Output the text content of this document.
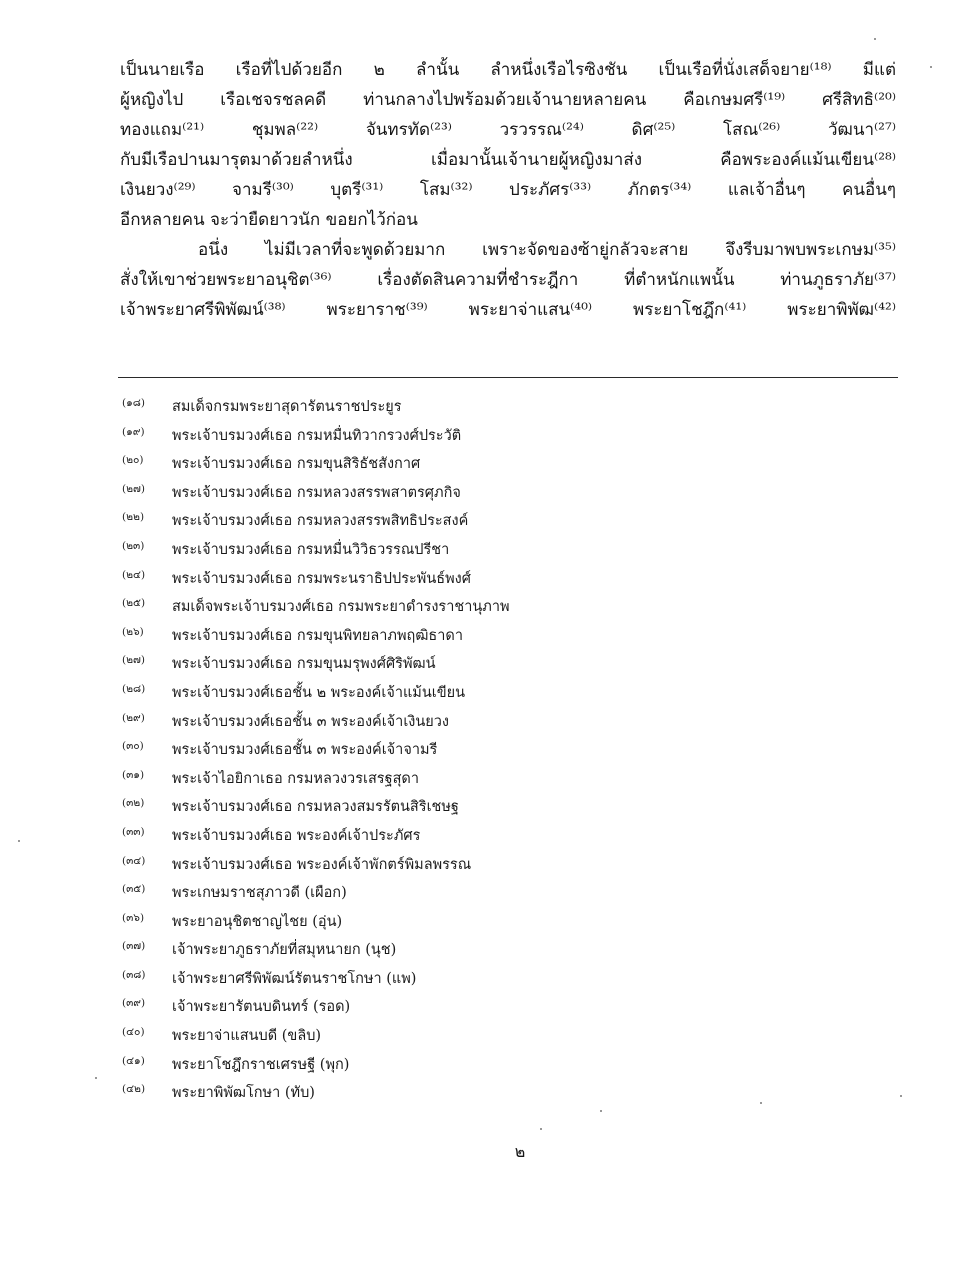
เป็นนายเรือ เรือที่ไปด้วยอีก ๒ ลำนั้น ลำหนึ่งเรือไรซิงชัน เป็นเรือที่นั่งเสด็จยาย⁽¹⁸⁾ มีแต่
ผู้หญิงไป เรือเชจรชลคดี ท่านกลางไปพร้อมด้วยเจ้านายหลายคน คือเกษมศรี⁽¹⁹⁾ ศรีสิทธิ⁽²⁰⁾
ทองแถม⁽²¹⁾ ชุมพล⁽²²⁾ จันทรทัด⁽²³⁾ วรวรรณ⁽²⁴⁾ ดิศ⁽²⁵⁾ โสณ⁽²⁶⁾ วัฒนา⁽²⁷⁾
กับมีเรือปานมารุตมาด้วยลำหนึ่ง เมื่อมานั้นเจ้านายผู้หญิงมาส่ง คือพระองค์แม้นเขียน⁽²⁸⁾
เงินยวง⁽²⁹⁾ จามรี⁽³⁰⁾ บุตรี⁽³¹⁾ โสม⁽³²⁾ ประภัศร⁽³³⁾ ภักตร⁽³⁴⁾ แลเจ้าอื่นๆ คนอื่นๆ
อีกหลายคน จะว่ายืดยาวนัก ขอยกไว้ก่อน
อนึ่ง ไม่มีเวลาที่จะพูดด้วยมาก เพราะจัดของซ้ายู่กลัวจะสาย จึงรีบมาพบพระเกษม⁽³⁵⁾
สั่งให้เขาช่วยพระยาอนุชิต⁽³⁶⁾ เรื่องตัดสินความที่ชำระฎีกา ที่ตำหนักแพนั้น ท่านภูธราภัย⁽³⁷⁾
เจ้าพระยาศรีพิพัฒน์⁽³⁸⁾ พระยาราช⁽³⁹⁾ พระยาจ่าแสน⁽⁴⁰⁾ พระยาโชฎึก⁽⁴¹⁾ พระยาพิพัฒ⁽⁴²⁾
(๑๘)	สมเด็จกรมพระยาสุดารัตนราชประยูร
(๑๙)	พระเจ้าบรมวงศ์เธอ กรมหมื่นทิวากรวงศ์ประวัติ
(๒๐)	พระเจ้าบรมวงศ์เธอ กรมขุนสิริธัชสังกาศ
(๒๗)	พระเจ้าบรมวงศ์เธอ กรมหลวงสรรพสาตรศุภกิจ
(๒๒)	พระเจ้าบรมวงศ์เธอ กรมหลวงสรรพสิทธิประสงค์
(๒๓)	พระเจ้าบรมวงศ์เธอ กรมหมื่นวิวิธวรรณปรีชา
(๒๔)	พระเจ้าบรมวงศ์เธอ กรมพระนราธิปประพันธ์พงศ์
(๒๕)	สมเด็จพระเจ้าบรมวงศ์เธอ กรมพระยาดำรงราชานุภาพ
(๒๖)	พระเจ้าบรมวงศ์เธอ กรมขุนพิทยลาภพฤฒิธาดา
(๒๗)	พระเจ้าบรมวงศ์เธอ กรมขุนมรุพงศ์ศิริพัฒน์
(๒๘)	พระเจ้าบรมวงศ์เธอชั้น ๒ พระองค์เจ้าแม้นเขียน
(๒๙)	พระเจ้าบรมวงศ์เธอชั้น ๓ พระองค์เจ้าเงินยวง
(๓๐)	พระเจ้าบรมวงศ์เธอชั้น ๓ พระองค์เจ้าจามรี
(๓๑)	พระเจ้าไอยิกาเธอ กรมหลวงวรเสรฐสุดา
(๓๒)	พระเจ้าบรมวงศ์เธอ กรมหลวงสมรรัตนสิริเชษฐ
(๓๓)	พระเจ้าบรมวงศ์เธอ พระองค์เจ้าประภัศร
(๓๔)	พระเจ้าบรมวงศ์เธอ พระองค์เจ้าพักตร์พิมลพรรณ
(๓๕)	พระเกษมราชสุภาวดี (เผือก)
(๓๖)	พระยาอนุชิตชาญไชย (อุ่น)
(๓๗)	เจ้าพระยาภูธราภัยที่สมุหนายก (นุช)
(๓๘)	เจ้าพระยาศรีพิพัฒน์รัตนราชโกษา (แพ)
(๓๙)	เจ้าพระยารัตนบดินทร์ (รอด)
(๔๐)	พระยาจ่าแสนบดี (ขลิบ)
(๔๑)	พระยาโชฎึกราชเศรษฐี (พุก)
(๔๒)	พระยาพิพัฒโกษา (ทับ)
๒
